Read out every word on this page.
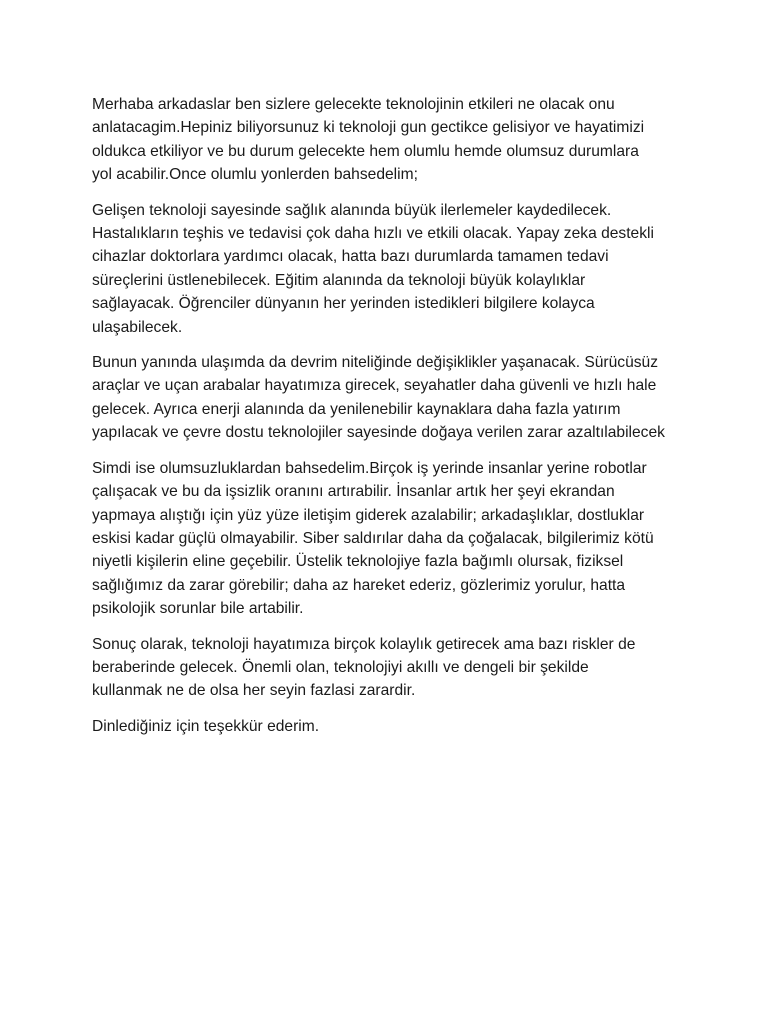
Merhaba arkadaslar ben sizlere gelecekte teknolojinin etkileri ne olacak onu
anlatacagim.Hepiniz biliyorsunuz ki teknoloji gun gectikce gelisiyor ve hayatimizi
oldukca etkiliyor ve bu durum gelecekte hem olumlu hemde olumsuz durumlara
yol acabilir.Once olumlu yonlerden bahsedelim;

Gelişen teknoloji sayesinde sağlık alanında büyük ilerlemeler kaydedilecek.
Hastalıkların teşhis ve tedavisi çok daha hızlı ve etkili olacak. Yapay zeka destekli
cihazlar doktorlara yardımcı olacak, hatta bazı durumlarda tamamen tedavi
süreçlerini üstlenebilecek. Eğitim alanında da teknoloji büyük kolaylıklar
sağlayacak. Öğrenciler dünyanın her yerinden istedikleri bilgilere kolayca
ulaşabilecek.

Bunun yanında ulaşımda da devrim niteliğinde değişiklikler yaşanacak. Sürücüsüz
araçlar ve uçan arabalar hayatımıza girecek, seyahatler daha güvenli ve hızlı hale
gelecek. Ayrıca enerji alanında da yenilenebilir kaynaklara daha fazla yatırım
yapılacak ve çevre dostu teknolojiler sayesinde doğaya verilen zarar azaltılabilecek

Simdi ise olumsuzluklardan bahsedelim.Birçok iş yerinde insanlar yerine robotlar
çalışacak ve bu da işsizlik oranını artırabilir. İnsanlar artık her şeyi ekrandan
yapmaya alıştığı için yüz yüze iletişim giderek azalabilir; arkadaşlıklar, dostluklar
eskisi kadar güçlü olmayabilir. Siber saldırılar daha da çoğalacak, bilgilerimiz kötü
niyetli kişilerin eline geçebilir. Üstelik teknolojiye fazla bağımlı olursak, fiziksel
sağlığımız da zarar görebilir; daha az hareket ederiz, gözlerimiz yorulur, hatta
psikolojik sorunlar bile artabilir.

Sonuç olarak, teknoloji hayatımıza birçok kolaylık getirecek ama bazı riskler de
beraberinde gelecek. Önemli olan, teknolojiyi akıllı ve dengeli bir şekilde
kullanmak ne de olsa her seyin fazlasi zarardir.

Dinlediğiniz için teşekkür ederim.
